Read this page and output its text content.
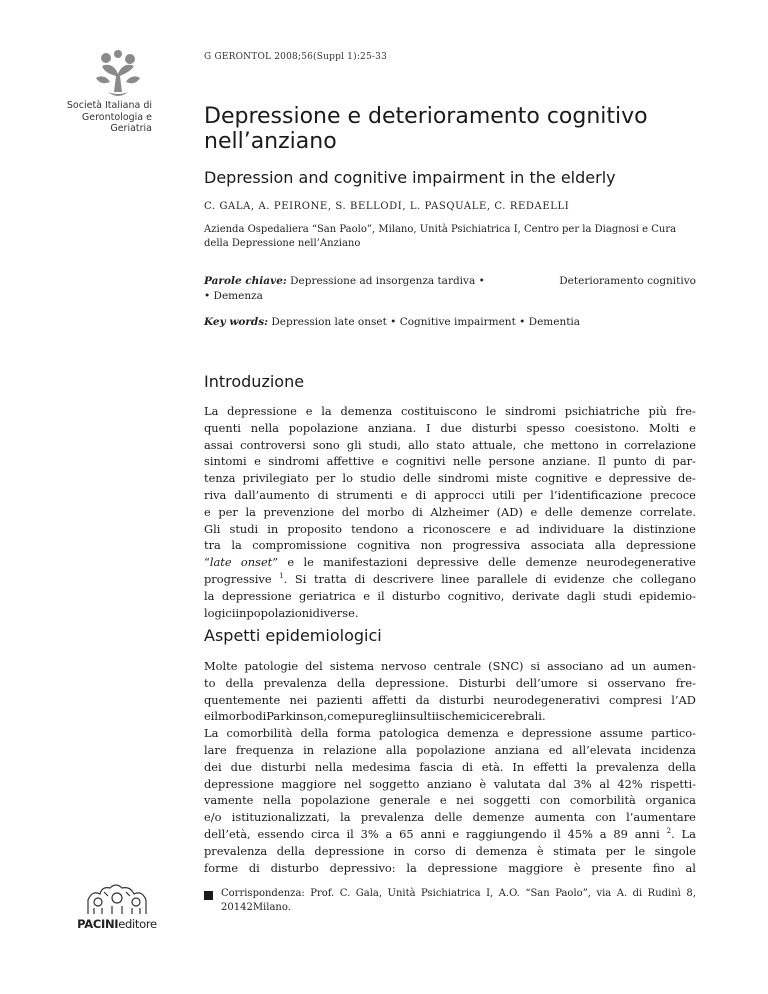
Società Italiana di
Gerontologia e
Geriatria
PACINIeditore
G GERONTOL 2008;56(Suppl 1):25-33
Depressione e deterioramento cognitivo
nell’anziano
Depression and cognitive impairment in the elderly
C. GALA, A. PEIRONE, S. BELLODI, L. PASQUALE, C. REDAELLI
Azienda Ospedaliera “San Paolo”, Milano, Unità Psichiatrica I, Centro per la Diagnosi e Cura
della Depressione nell’Anziano
Parole chiave: Depressione ad insorgenza tardiva •	Deterioramento cognitivo
• Demenza
Key words: Depression late onset • Cognitive impairment • Dementia
Introduzione
La depressione e la demenza costituiscono le sindromi psichiatriche più fre-
quenti nella popolazione anziana. I due disturbi spesso coesistono. Molti e
assai controversi sono gli studi, allo stato attuale, che mettono in correlazione
sintomi e sindromi affettive e cognitivi nelle persone anziane. Il punto di par-
tenza privilegiato per lo studio delle sindromi miste cognitive e depressive de-
riva dall’aumento di strumenti e di approcci utili per l’identificazione precoce
e per la prevenzione del morbo di Alzheimer (AD) e delle demenze correlate.
Gli studi in proposito tendono a riconoscere e ad individuare la distinzione
tra la compromissione cognitiva non progressiva associata alla depressione
“late onset” e le manifestazioni depressive delle demenze neurodegenerative
progressive $^1$. Si tratta di descrivere linee parallele di evidenze che collegano
la depressione geriatrica e il disturbo cognitivo, derivate dagli studi epidemio-
logici in popolazioni diverse.
Aspetti epidemiologici
Molte patologie del sistema nervoso centrale (SNC) si associano ad un aumen-
to della prevalenza della depressione. Disturbi dell’umore si osservano fre-
quentemente nei pazienti affetti da disturbi neurodegenerativi compresi l’AD
e il morbo di Parkinson, come pure gli insulti ischemici cerebrali.
La comorbilità della forma patologica demenza e depressione assume partico-
lare frequenza in relazione alla popolazione anziana ed all’elevata incidenza
dei due disturbi nella medesima fascia di età. In effetti la prevalenza della
depressione maggiore nel soggetto anziano è valutata dal 3% al 42% rispetti-
vamente nella popolazione generale e nei soggetti con comorbilità organica
e/o istituzionalizzati, la prevalenza delle demenze aumenta con l’aumentare
dell’età, essendo circa il 3% a 65 anni e raggiungendo il 45% a 89 anni $^2$. La
prevalenza della depressione in corso di demenza è stimata per le singole
forme di disturbo depressivo: la depressione maggiore è presente fino al
Corrispondenza: Prof. C. Gala, Unità Psichiatrica I, A.O. “San Paolo”, via A. di Rudinì 8,
20142 Milano.
